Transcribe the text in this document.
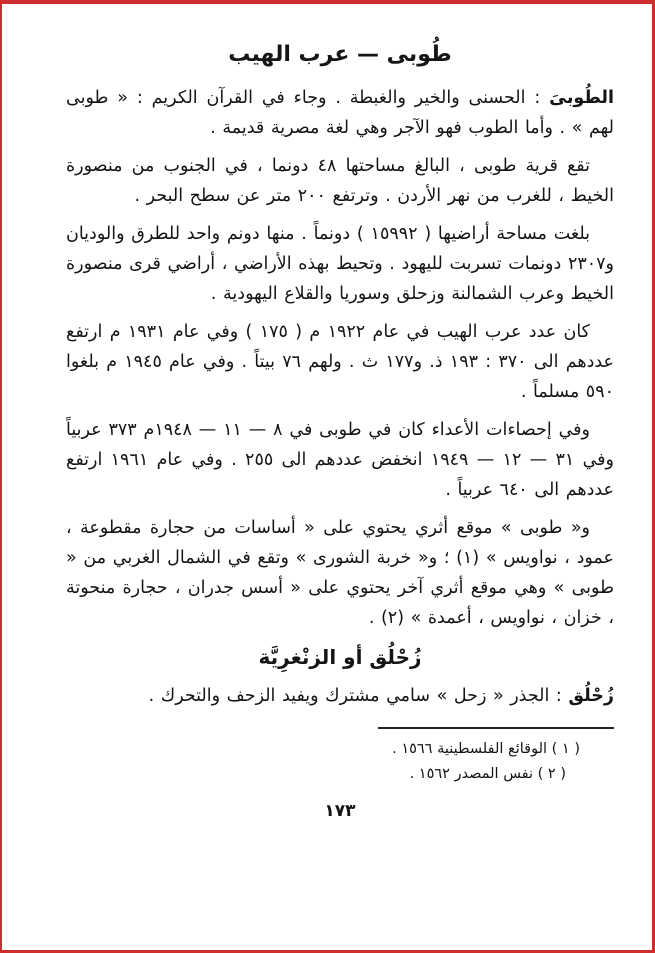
طُوبى — عرب الهيب

الطُوبىَ : الحسنى والخير والغبطة . وجاء في القرآن الكريم : « طوبى لهم » . وأما الطوب فهو الآجر وهي لغة مصرية قديمة .

تقع قرية طوبى ، البالغ مساحتها ٤٨ دونما ، في الجنوب من منصورة الخيط ، للغرب من نهر الأردن . وترتفع ٢٠٠ متر عن سطح البحر .

بلغت مساحة أراضيها ( ١٥٩٩٢ ) دونماً . منها دونم واحد للطرق والوديان و٢٣٠٧ دونمات تسربت لليهود . وتحيط بهذه الأراضي ، أراضي قرى منصورة الخيط وعرب الشمالنة وزحلق وسوريا والقلاع اليهودية .

كان عدد عرب الهيب في عام ١٩٢٢ م ( ١٧٥ ) وفي عام ١٩٣١ م ارتفع عددهم الى ٣٧٠ : ١٩٣ ذ. و١٧٧ ث . ولهم ٧٦ بيتاً . وفي عام ١٩٤٥ م بلغوا ٥٩٠ مسلماً .

وفي إحصاءات الأعداء كان في طوبى في ٨ — ١١ — ١٩٤٨م ٣٧٣ عربياً وفي ٣١ — ١٢ — ١٩٤٩ انخفض عددهم الى ٢٥٥ . وفي عام ١٩٦١ ارتفع عددهم الى ٦٤٠ عربياً .

و« طوبى » موقع أثري يحتوي على « أساسات من حجارة مقطوعة ، عمود ، نواويس » (١) ؛ و« خربة الشورى » وتقع في الشمال الغربي من « طوبى » وهي موقع أثري آخر يحتوي على « أسس جدران ، حجارة منحوتة ، خزان ، نواويس ، أعمدة » (٢) .

زُحْلُق أو الزنْغرِيَّة

زُحْلُق : الجذر « زحل » سامي مشترك ويفيد الزحف والتحرك .

( ١ ) الوقائع الفلسطينية ١٥٦٦ .
( ٢ ) نفس المصدر ١٥٦٢ .
١٧٣
